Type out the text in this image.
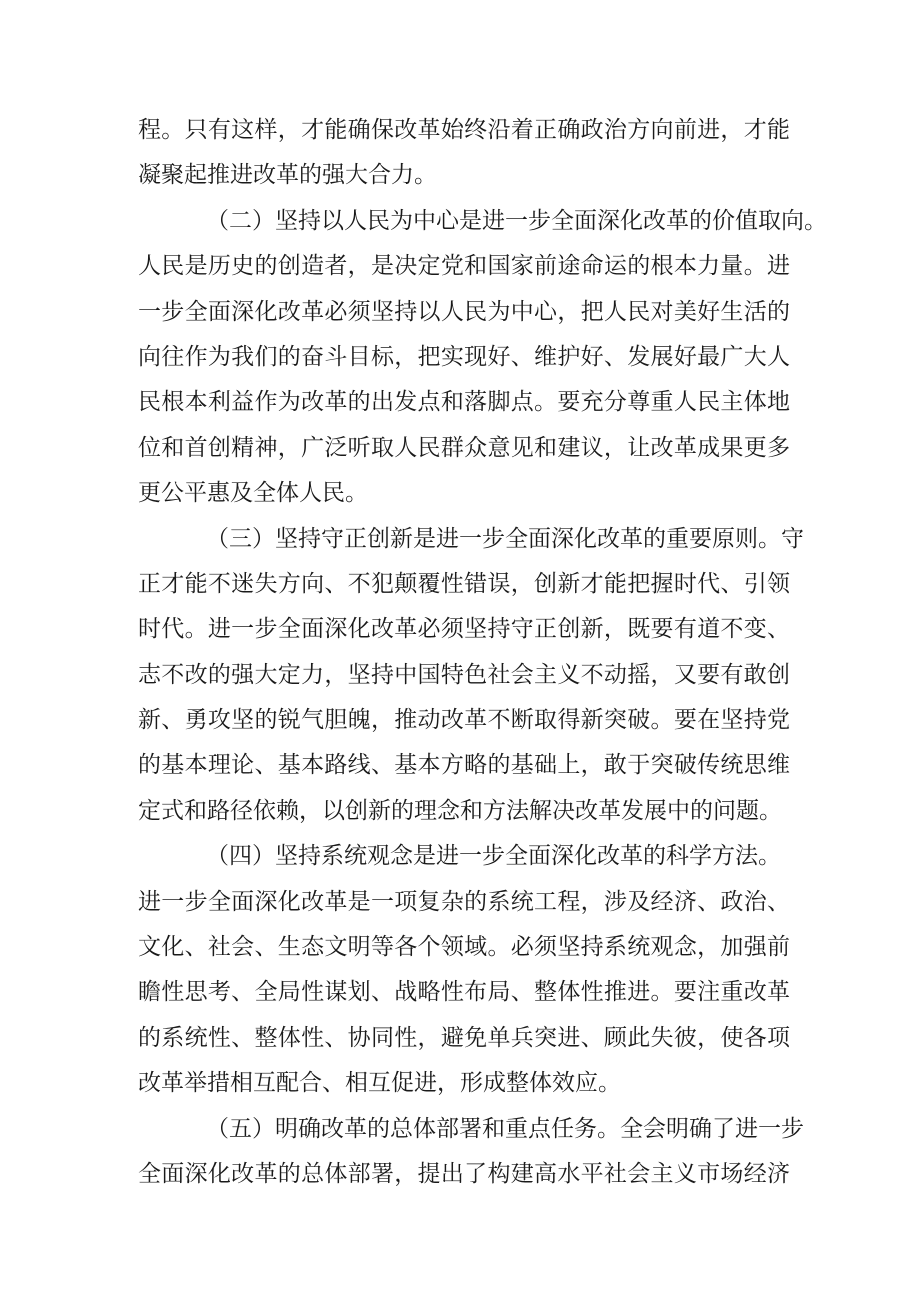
程。只有这样，才能确保改革始终沿着正确政治方向前进，才能
凝聚起推进改革的强大合力。
（二）坚持以人民为中心是进一步全面深化改革的价值取向。
人民是历史的创造者，是决定党和国家前途命运的根本力量。进
一步全面深化改革必须坚持以人民为中心，把人民对美好生活的
向往作为我们的奋斗目标，把实现好、维护好、发展好最广大人
民根本利益作为改革的出发点和落脚点。要充分尊重人民主体地
位和首创精神，广泛听取人民群众意见和建议，让改革成果更多
更公平惠及全体人民。
（三）坚持守正创新是进一步全面深化改革的重要原则。守
正才能不迷失方向、不犯颠覆性错误，创新才能把握时代、引领
时代。进一步全面深化改革必须坚持守正创新，既要有道不变、
志不改的强大定力，坚持中国特色社会主义不动摇，又要有敢创
新、勇攻坚的锐气胆魄，推动改革不断取得新突破。要在坚持党
的基本理论、基本路线、基本方略的基础上，敢于突破传统思维
定式和路径依赖，以创新的理念和方法解决改革发展中的问题。
（四）坚持系统观念是进一步全面深化改革的科学方法。
进一步全面深化改革是一项复杂的系统工程，涉及经济、政治、
文化、社会、生态文明等各个领域。必须坚持系统观念，加强前
瞻性思考、全局性谋划、战略性布局、整体性推进。要注重改革
的系统性、整体性、协同性，避免单兵突进、顾此失彼，使各项
改革举措相互配合、相互促进，形成整体效应。
（五）明确改革的总体部署和重点任务。全会明确了进一步
全面深化改革的总体部署，提出了构建高水平社会主义市场经济
